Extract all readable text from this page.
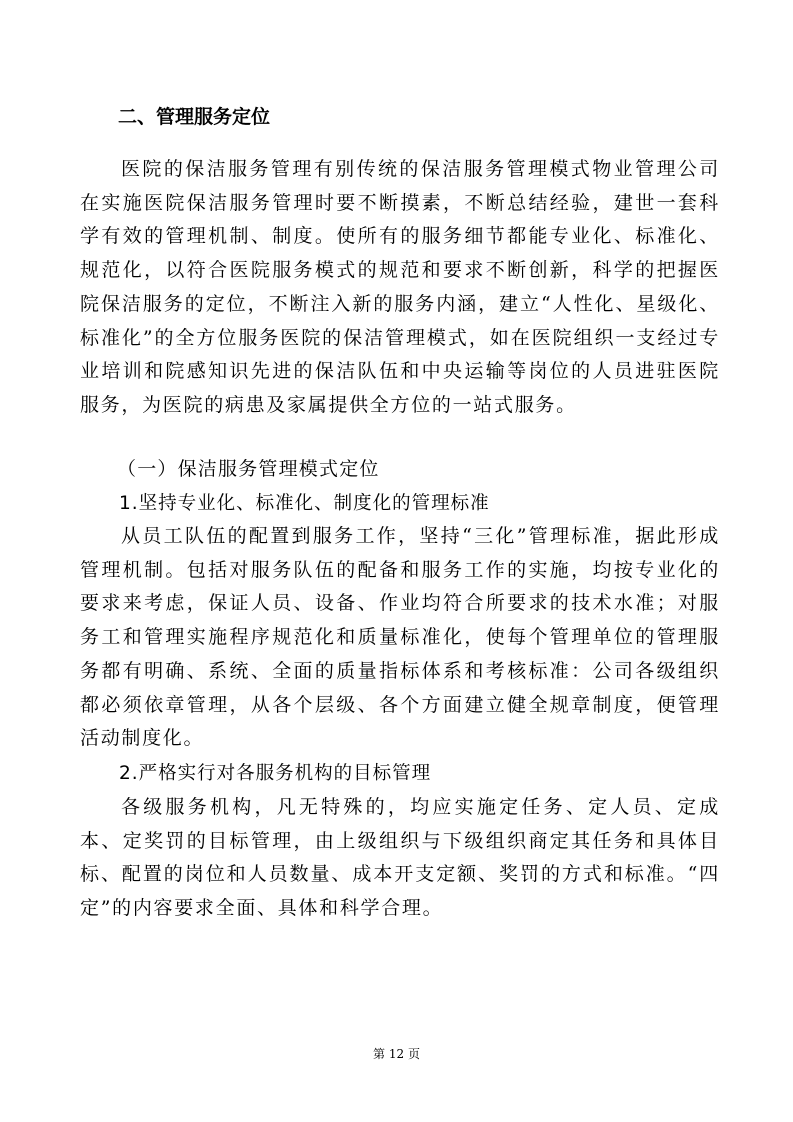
二、管理服务定位

医院的保洁服务管理有别传统的保洁服务管理模式物业管理公司在实施医院保洁服务管理时要不断摸素，不断总结经验，建世一套科学有效的管理机制、制度。使所有的服务细节都能专业化、标准化、规范化，以符合医院服务模式的规范和要求不断创新，科学的把握医院保洁服务的定位，不断注入新的服务内涵，建立“人性化、星级化、标准化”的全方位服务医院的保洁管理模式，如在医院组织一支经过专业培训和院感知识先进的保洁队伍和中央运输等岗位的人员进驻医院服务，为医院的病患及家属提供全方位的一站式服务。

（一）保洁服务管理模式定位

1.坚持专业化、标准化、制度化的管理标准

从员工队伍的配置到服务工作，坚持“三化”管理标准，据此形成管理机制。包括对服务队伍的配备和服务工作的实施，均按专业化的要求来考虑，保证人员、设备、作业均符合所要求的技术水准；对服务工和管理实施程序规范化和质量标准化，使每个管理单位的管理服务都有明确、系统、全面的质量指标体系和考核标准：公司各级组织都必须依章管理，从各个层级、各个方面建立健全规章制度，便管理活动制度化。

2.严格实行对各服务机构的目标管理

各级服务机构，凡无特殊的，均应实施定任务、定人员、定成本、定奖罚的目标管理，由上级组织与下级组织商定其任务和具体目标、配置的岗位和人员数量、成本开支定额、奖罚的方式和标准。“四定”的内容要求全面、具体和科学合理。

第 12 页
